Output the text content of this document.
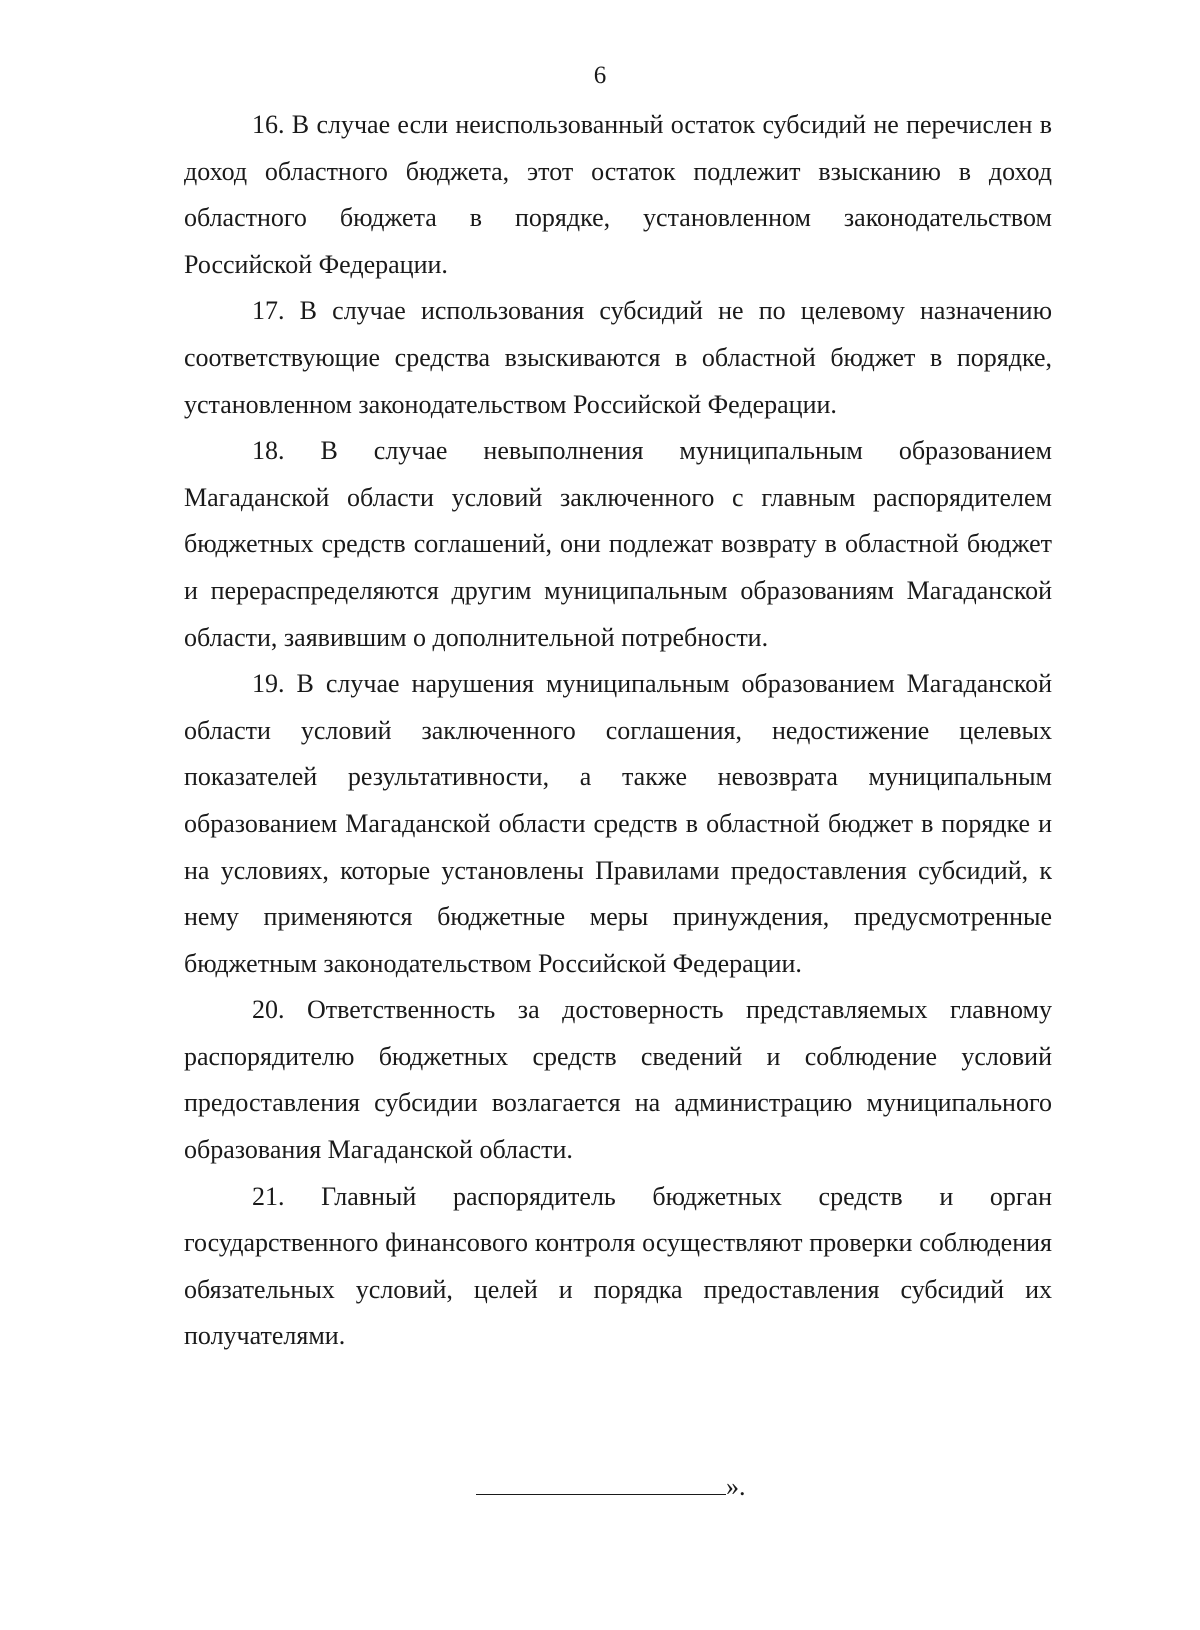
6

16. В случае если неиспользованный остаток субсидий не перечислен в доход областного бюджета, этот остаток подлежит взысканию в доход областного бюджета в порядке, установленном законодательством Российской Федерации.

17. В случае использования субсидий не по целевому назначению соответствующие средства взыскиваются в областной бюджет в порядке, установленном законодательством Российской Федерации.

18. В случае невыполнения муниципальным образованием Магаданской области условий заключенного с главным распорядителем бюджетных средств соглашений, они подлежат возврату в областной бюджет и перераспределяются другим муниципальным образованиям Магаданской области, заявившим о дополнительной потребности.

19. В случае нарушения муниципальным образованием Магаданской области условий заключенного соглашения, недостижение целевых показателей результативности, а также невозврата муниципальным образованием Магаданской области средств в областной бюджет в порядке и на условиях, которые установлены Правилами предоставления субсидий, к нему применяются бюджетные меры принуждения, предусмотренные бюджетным законодательством Российской Федерации.

20. Ответственность за достоверность представляемых главному распорядителю бюджетных средств сведений и соблюдение условий предоставления субсидии возлагается на администрацию муниципального образования Магаданской области.

21. Главный распорядитель бюджетных средств и орган государственного финансового контроля осуществляют проверки соблюдения обязательных условий, целей и порядка предоставления субсидий их получателями.

».
